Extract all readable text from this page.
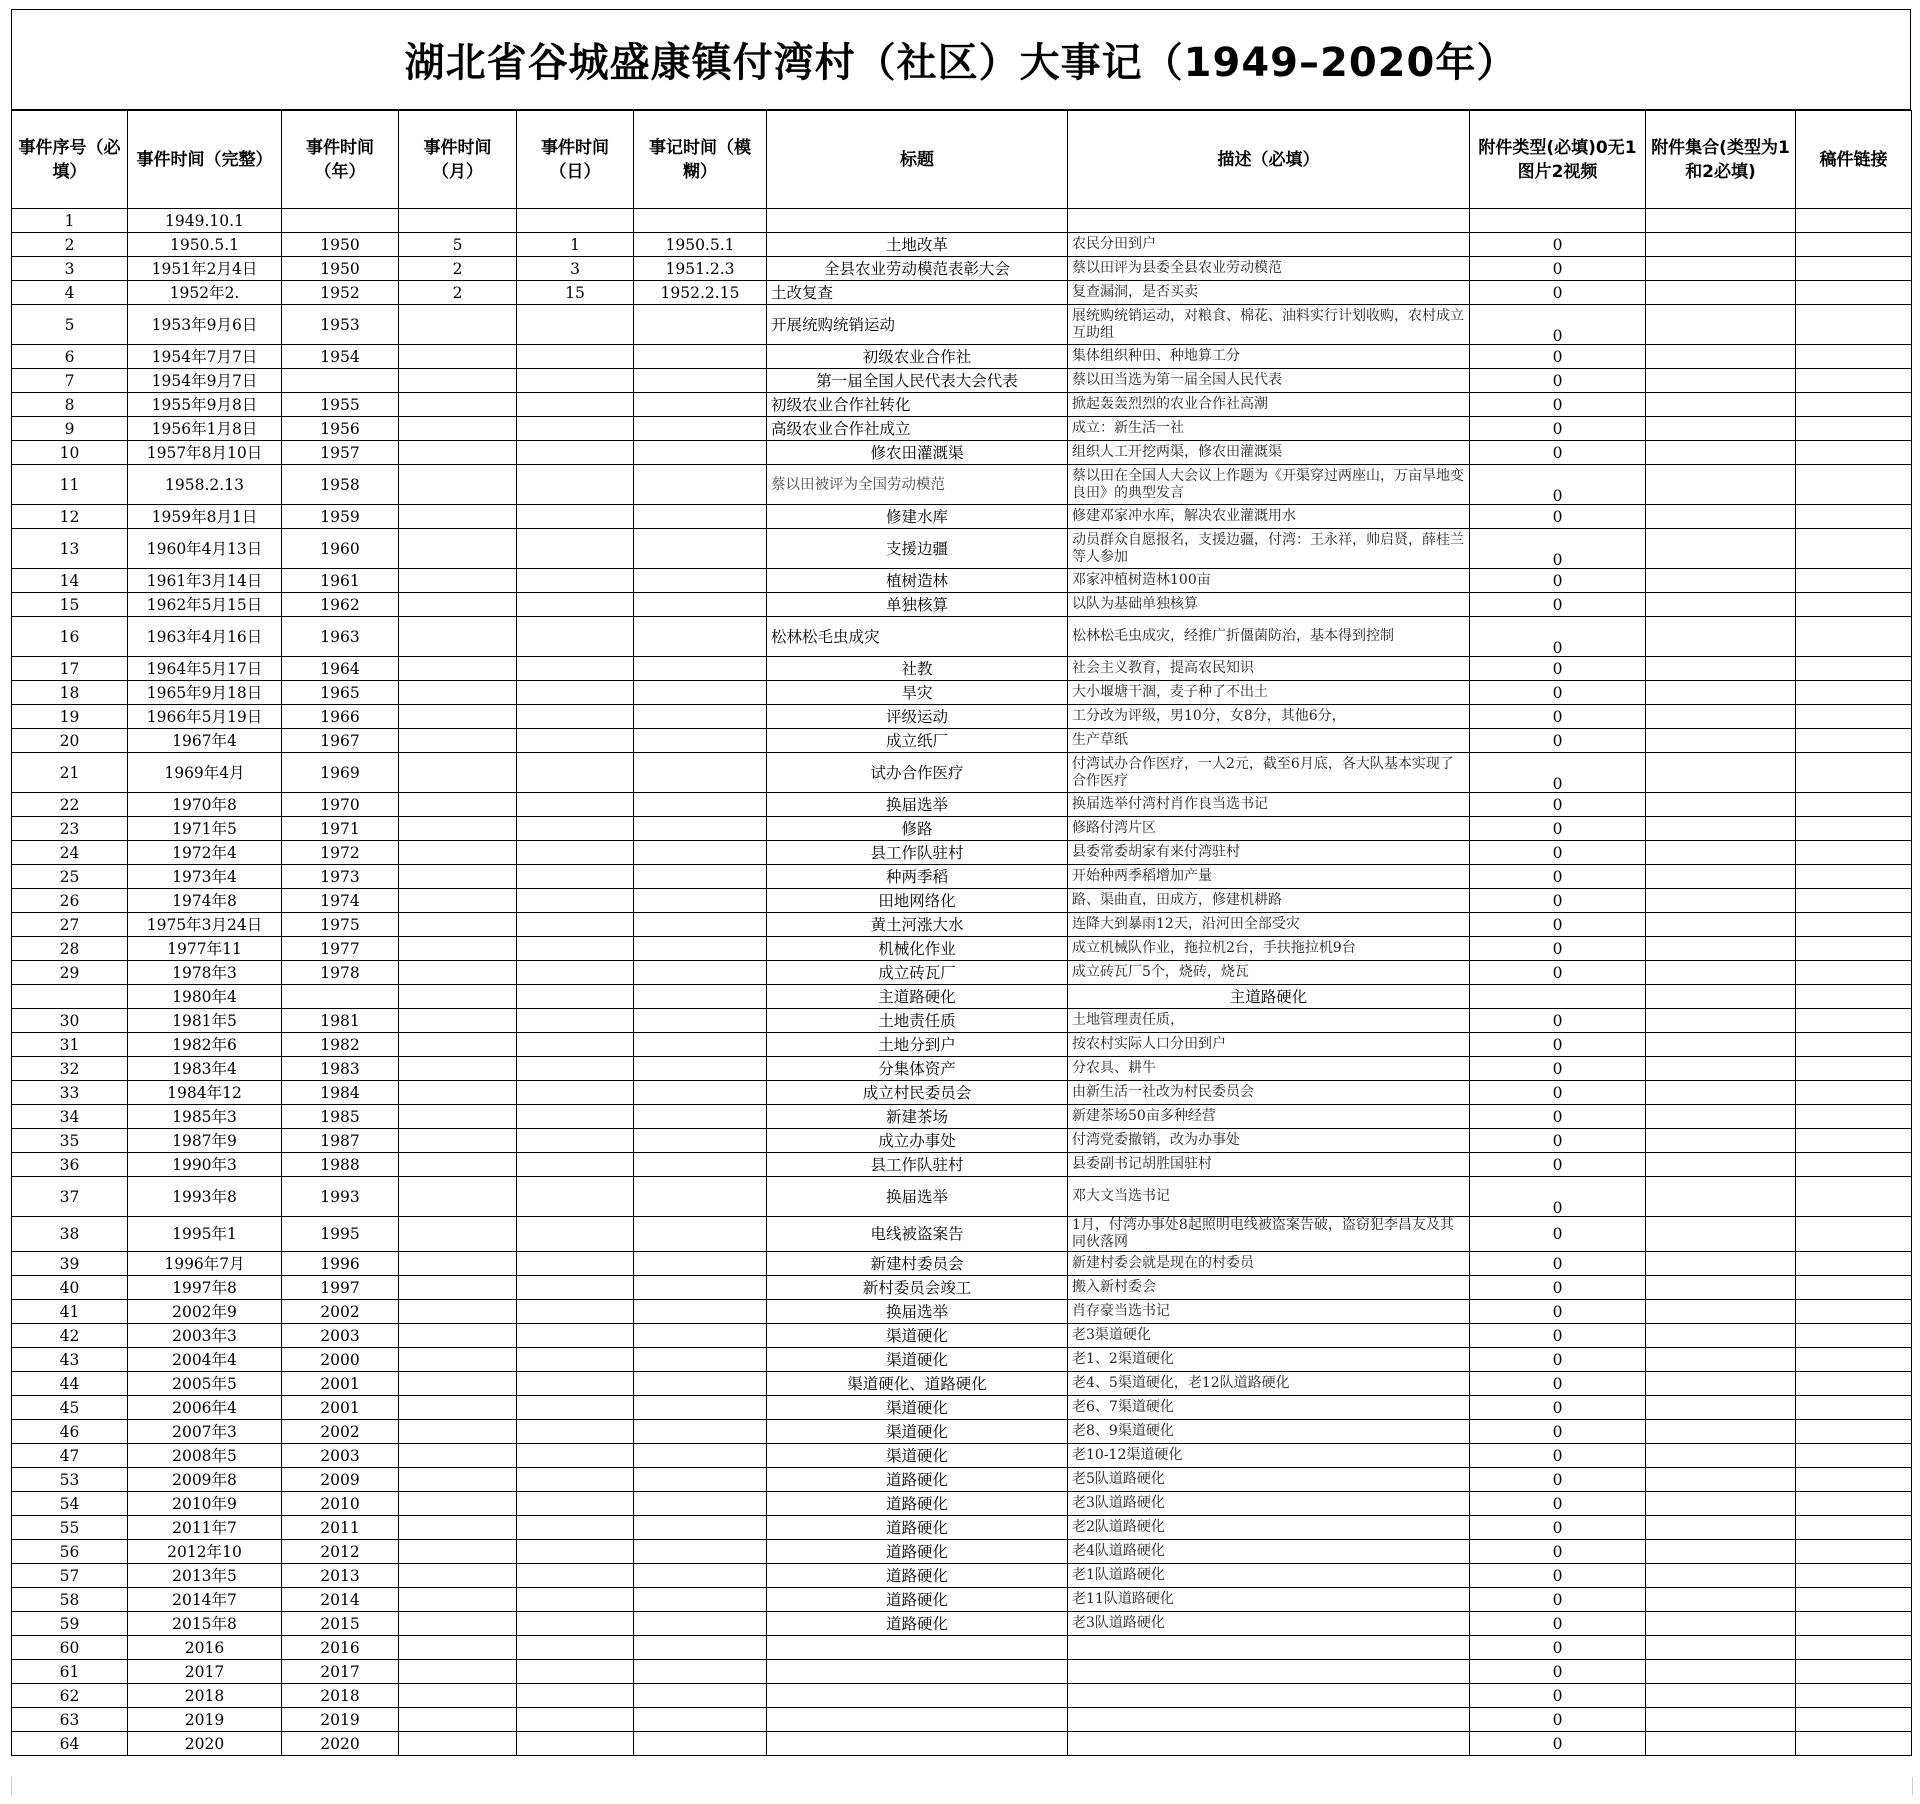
湖北省谷城盛康镇付湾村（社区）大事记（1949–2020年）
事件序号（必填）	事件时间（完整）	事件时间（年）	事件时间（月）	事件时间（日）	事记时间（模糊）	标题	描述（必填）	附件类型(必填)0无1图片2视频	附件集合(类型为1和2必填)	稿件链接
1	1949.10.1									
2	1950.5.1	1950	5	1	1950.5.1	土地改革	农民分田到户	0		
3	1951年2月4日	1950	2	3	1951.2.3	全县农业劳动模范表彰大会	蔡以田评为县委全县农业劳动模范	0		
4	1952年2.	1952	2	15	1952.2.15	土改复查	复查漏洞，是否买卖	0		
5	1953年9月6日	1953				开展统购统销运动	展统购统销运动，对粮食、棉花、油料实行计划收购，农村成立互助组	0		
6	1954年7月7日	1954				初级农业合作社	集体组织种田、种地算工分	0		
7	1954年9月7日					第一届全国人民代表大会代表	蔡以田当选为第一届全国人民代表	0		
8	1955年9月8日	1955				初级农业合作社转化	掀起轰轰烈烈的农业合作社高潮	0		
9	1956年1月8日	1956				高级农业合作社成立	成立：新生活一社	0		
10	1957年8月10日	1957				修农田灌溉渠	组织人工开挖两渠，修农田灌溉渠	0		
11	1958.2.13	1958				蔡以田被评为全国劳动模范	蔡以田在全国人大会议上作题为《开渠穿过两座山，万亩旱地变良田》的典型发言	0		
12	1959年8月1日	1959				修建水库	修建邓家冲水库，解决农业灌溉用水	0		
13	1960年4月13日	1960				支援边疆	动员群众自愿报名，支援边疆，付湾：王永祥，帅启贤，薛桂兰等人参加	0		
14	1961年3月14日	1961				植树造林	邓家冲植树造林100亩	0		
15	1962年5月15日	1962				单独核算	以队为基础单独核算	0		
16	1963年4月16日	1963				松林松毛虫成灾	松林松毛虫成灾，经推广折僵菌防治，基本得到控制	0		
17	1964年5月17日	1964				社教	社会主义教育，提高农民知识	0		
18	1965年9月18日	1965				旱灾	大小堰塘干涸，麦子种了不出土	0		
19	1966年5月19日	1966				评级运动	工分改为评级，男10分，女8分，其他6分，	0		
20	1967年4	1967				成立纸厂	生产草纸	0		
21	1969年4月	1969				试办合作医疗	付湾试办合作医疗，一人2元，截至6月底，各大队基本实现了合作医疗	0		
22	1970年8	1970				换届选举	换届选举付湾村肖作良当选书记	0		
23	1971年5	1971				修路	修路付湾片区	0		
24	1972年4	1972				县工作队驻村	县委常委胡家有来付湾驻村	0		
25	1973年4	1973				种两季稻	开始种两季稻增加产量	0		
26	1974年8	1974				田地网络化	路、渠曲直，田成方，修建机耕路	0		
27	1975年3月24日	1975				黄土河涨大水	连降大到暴雨12天，沿河田全部受灾	0		
28	1977年11	1977				机械化作业	成立机械队作业，拖拉机2台，手扶拖拉机9台	0		
29	1978年3	1978				成立砖瓦厂	成立砖瓦厂5个，烧砖，烧瓦	0		
	1980年4					主道路硬化	主道路硬化			
30	1981年5	1981				土地责任质	土地管理责任质，	0		
31	1982年6	1982				土地分到户	按农村实际人口分田到户	0		
32	1983年4	1983				分集体资产	分农具、耕牛	0		
33	1984年12	1984				成立村民委员会	由新生活一社改为村民委员会	0		
34	1985年3	1985				新建茶场	新建茶场50亩多种经营	0		
35	1987年9	1987				成立办事处	付湾党委撤销，改为办事处	0		
36	1990年3	1988				县工作队驻村	县委副书记胡胜国驻村	0		
37	1993年8	1993				换届选举	邓大文当选书记	0		
38	1995年1	1995				电线被盗案告	1月，付湾办事处8起照明电线被盗案告破，盗窃犯李昌友及其同伙落网	0		
39	1996年7月	1996				新建村委员会	新建村委会就是现在的村委员	0		
40	1997年8	1997				新村委员会竣工	搬入新村委会	0		
41	2002年9	2002				换届选举	肖存豪当选书记	0		
42	2003年3	2003				渠道硬化	老3渠道硬化	0		
43	2004年4	2000				渠道硬化	老1、2渠道硬化	0		
44	2005年5	2001				渠道硬化、道路硬化	老4、5渠道硬化，老12队道路硬化	0		
45	2006年4	2001				渠道硬化	老6、7渠道硬化	0		
46	2007年3	2002				渠道硬化	老8、9渠道硬化	0		
47	2008年5	2003				渠道硬化	老10-12渠道硬化	0		
53	2009年8	2009				道路硬化	老5队道路硬化	0		
54	2010年9	2010				道路硬化	老3队道路硬化	0		
55	2011年7	2011				道路硬化	老2队道路硬化	0		
56	2012年10	2012				道路硬化	老4队道路硬化	0		
57	2013年5	2013				道路硬化	老1队道路硬化	0		
58	2014年7	2014				道路硬化	老11队道路硬化	0		
59	2015年8	2015				道路硬化	老3队道路硬化	0		
60	2016	2016						0		
61	2017	2017						0		
62	2018	2018						0		
63	2019	2019						0		
64	2020	2020						0		
